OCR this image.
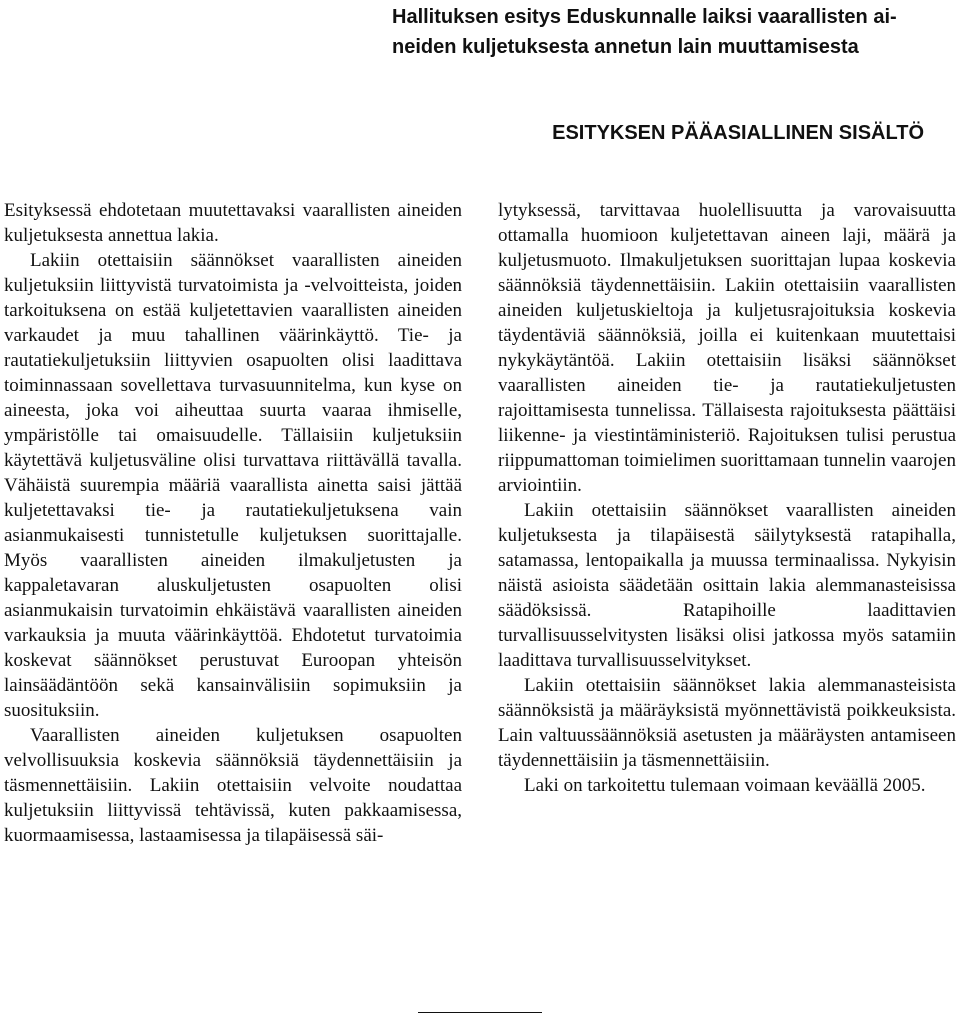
Hallituksen esitys Eduskunnalle laiksi vaarallisten ai-
neiden kuljetuksesta annetun lain muuttamisesta
ESITYKSEN PÄÄASIALLINEN SISÄLTÖ

Esityksessä ehdotetaan muutettavaksi vaarallisten aineiden kuljetuksesta annettua lakia.

Lakiin otettaisiin säännökset vaarallisten aineiden kuljetuksiin liittyvistä turvatoimista ja -velvoitteista, joiden tarkoituksena on estää kuljetettavien vaarallisten aineiden varkaudet ja muu tahallinen väärinkäyttö. Tie- ja rautatiekuljetuksiin liittyvien osapuolten olisi laadittava toiminnassaan sovellettava turvasuunnitelma, kun kyse on aineesta, joka voi aiheuttaa suurta vaaraa ihmiselle, ympäristölle tai omaisuudelle. Tällaisiin kuljetuksiin käytettävä kuljetusväline olisi turvattava riittävällä tavalla. Vähäistä suurempia määriä vaarallista ainetta saisi jättää kuljetettavaksi tie- ja rautatiekuljetuksena vain asianmukaisesti tunnistetulle kuljetuksen suorittajalle. Myös vaarallisten aineiden ilmakuljetusten ja kappaletavaran aluskuljetusten osapuolten olisi asianmukaisin turvatoimin ehkäistävä vaarallisten aineiden varkauksia ja muuta väärinkäyttöä. Ehdotetut turvatoimia koskevat säännökset perustuvat Euroopan yhteisön lainsäädäntöön sekä kansainvälisiin sopimuksiin ja suosituksiin.

Vaarallisten aineiden kuljetuksen osapuolten velvollisuuksia koskevia säännöksiä täydennettäisiin ja täsmennettäisiin. Lakiin otettaisiin velvoite noudattaa kuljetuksiin liittyvissä tehtävissä, kuten pakkaamisessa, kuormaamisessa, lastaamisessa ja tilapäisessä säi-

lytyksessä, tarvittavaa huolellisuutta ja varovaisuutta ottamalla huomioon kuljetettavan aineen laji, määrä ja kuljetusmuoto. Ilmakuljetuksen suorittajan lupaa koskevia säännöksiä täydennettäisiin. Lakiin otettaisiin vaarallisten aineiden kuljetuskieltoja ja kuljetusrajoituksia koskevia täydentäviä säännöksiä, joilla ei kuitenkaan muutettaisi nykykäytäntöä. Lakiin otettaisiin lisäksi säännökset vaarallisten aineiden tie- ja rautatiekuljetusten rajoittamisesta tunnelissa. Tällaisesta rajoituksesta päättäisi liikenne- ja viestintäministeriö. Rajoituksen tulisi perustua riippumattoman toimielimen suorittamaan tunnelin vaarojen arviointiin.

Lakiin otettaisiin säännökset vaarallisten aineiden kuljetuksesta ja tilapäisestä säilytyksestä ratapihalla, satamassa, lentopaikalla ja muussa terminaalissa. Nykyisin näistä asioista säädetään osittain lakia alemmanasteisissa säädöksissä. Ratapihoille laadittavien turvallisuusselvitysten lisäksi olisi jatkossa myös satamiin laadittava turvallisuusselvitykset.

Lakiin otettaisiin säännökset lakia alemmanasteisista säännöksistä ja määräyksistä myönnettävistä poikkeuksista. Lain valtuussäännöksiä asetusten ja määräysten antamiseen täydennettäisiin ja täsmennettäisiin.

Laki on tarkoitettu tulemaan voimaan keväällä 2005.
